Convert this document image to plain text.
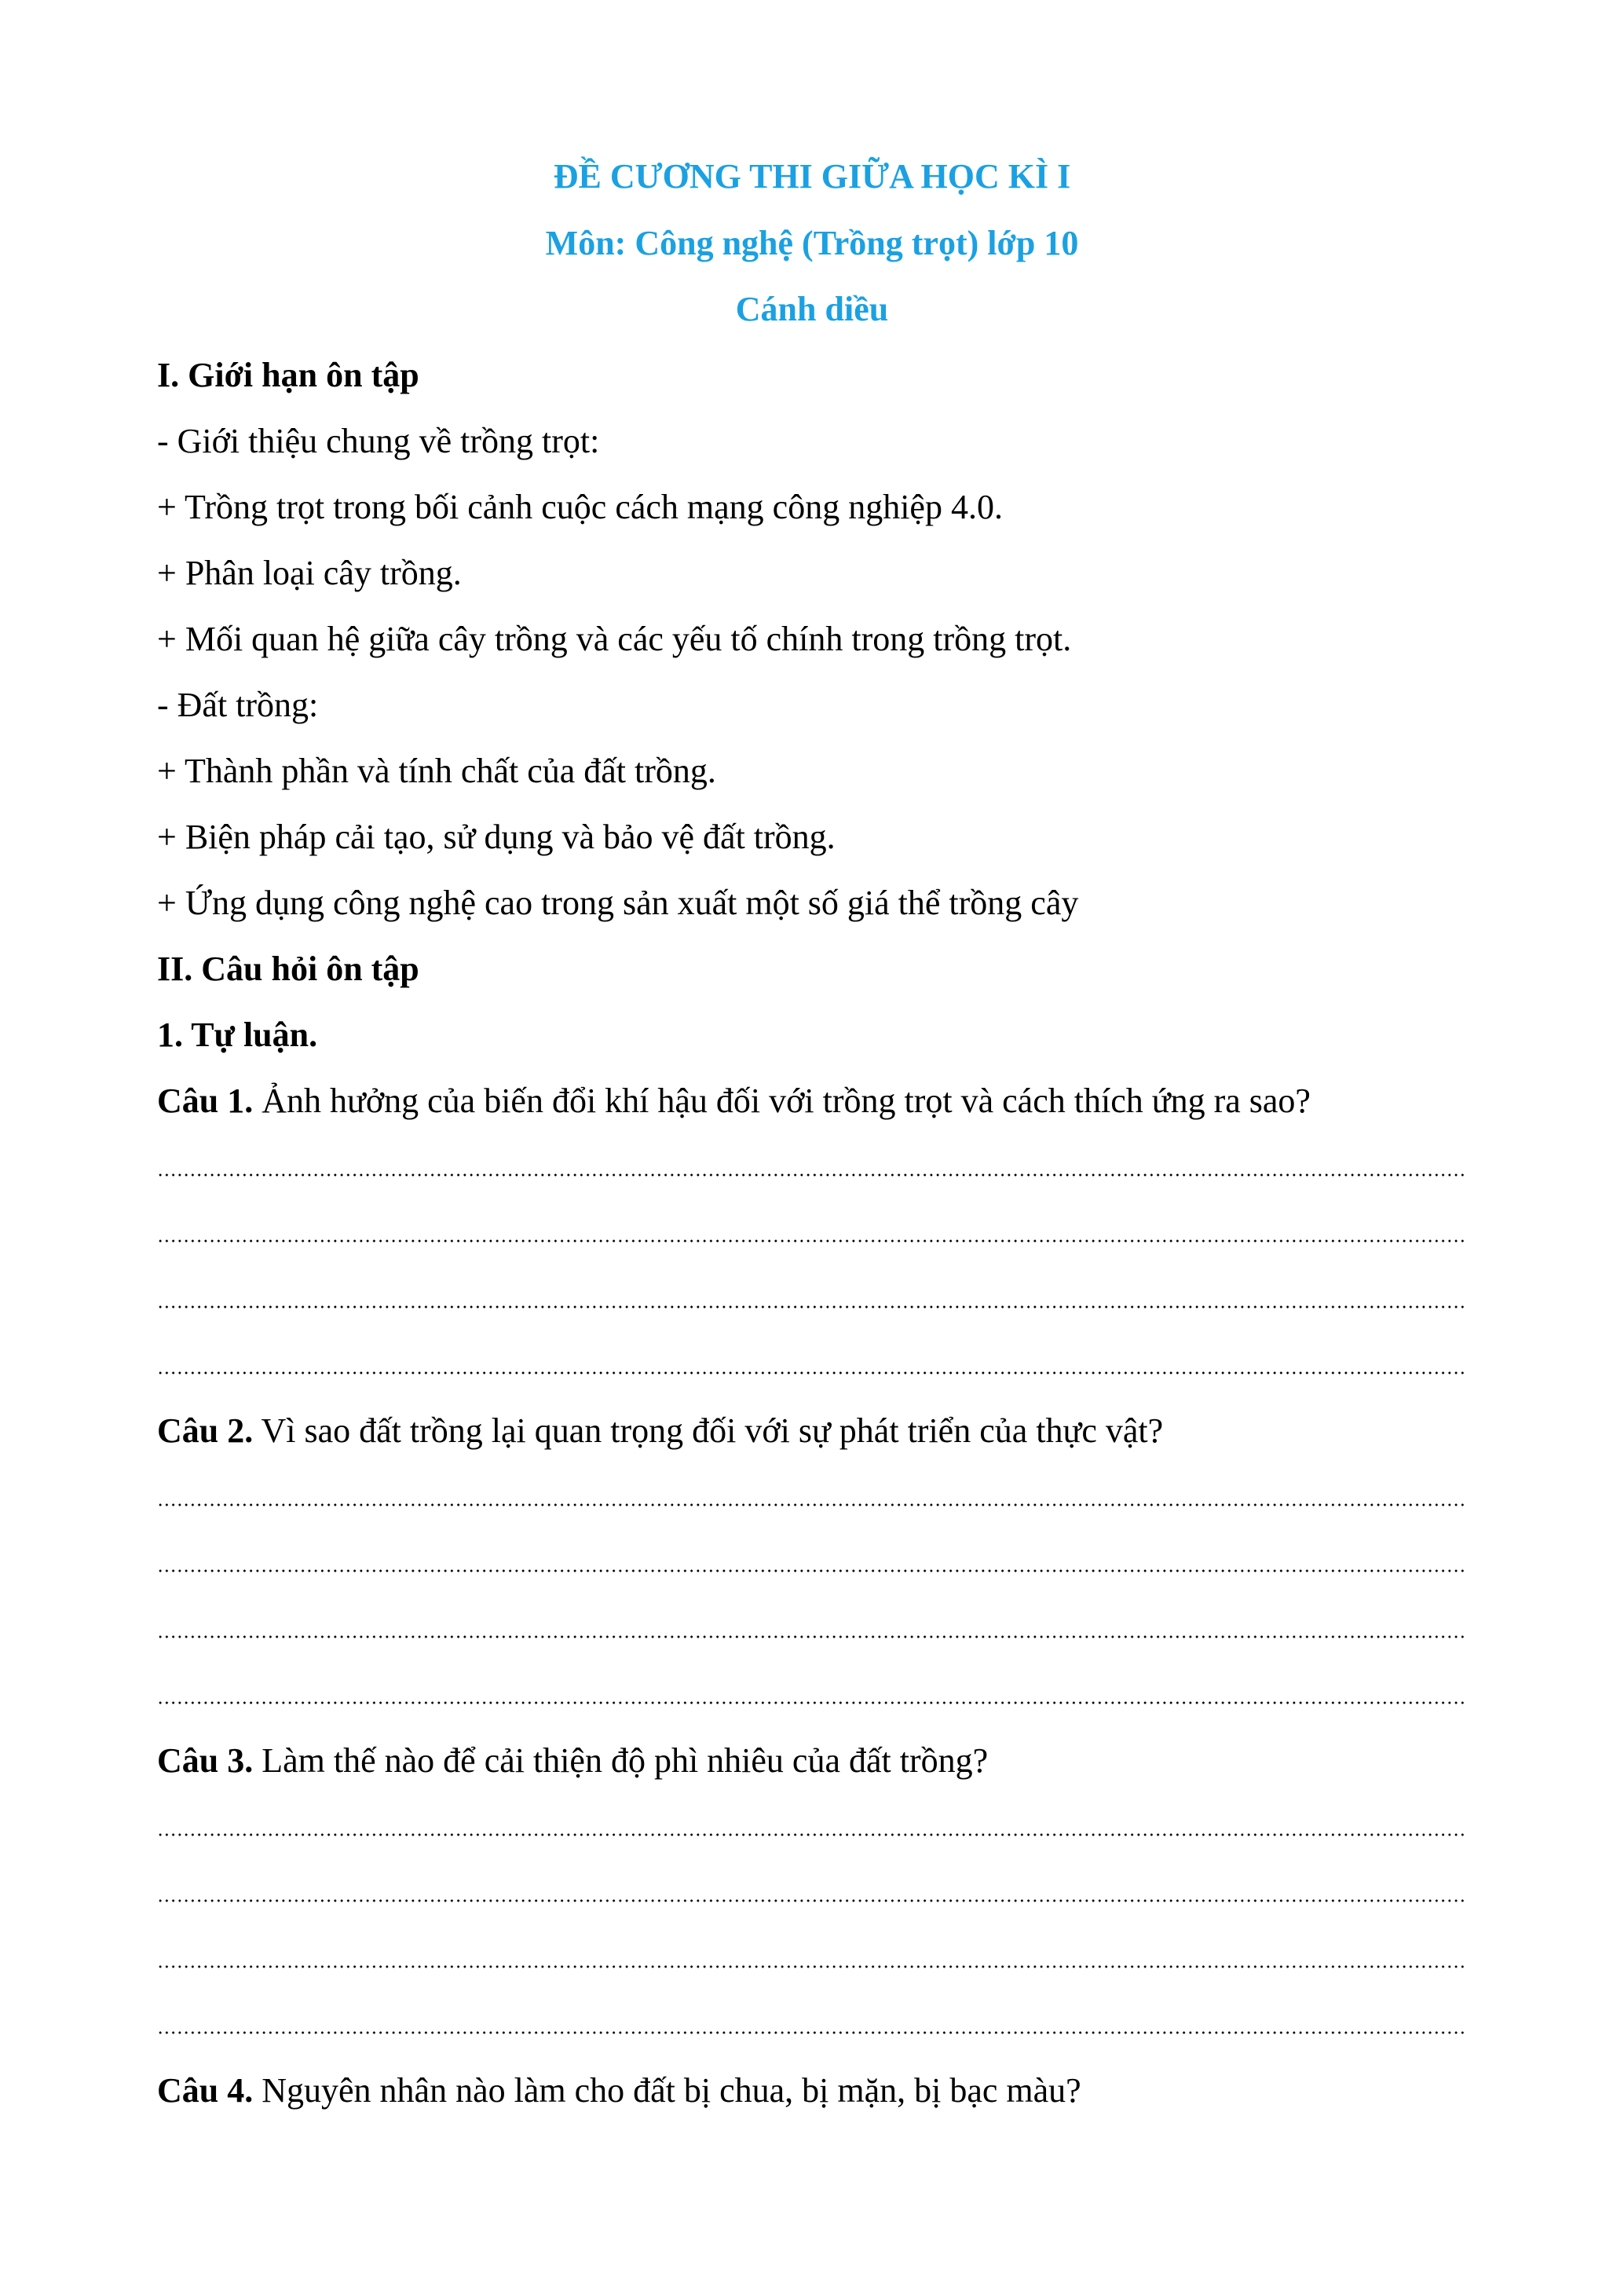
ĐỀ CƯƠNG THI GIỮA HỌC KÌ I
Môn: Công nghệ (Trồng trọt) lớp 10
Cánh diều
I. Giới hạn ôn tập
- Giới thiệu chung về trồng trọt:
+ Trồng trọt trong bối cảnh cuộc cách mạng công nghiệp 4.0.
+ Phân loại cây trồng.
+ Mối quan hệ giữa cây trồng và các yếu tố chính trong trồng trọt.
- Đất trồng:
+ Thành phần và tính chất của đất trồng.
+ Biện pháp cải tạo, sử dụng và bảo vệ đất trồng.
+ Ứng dụng công nghệ cao trong sản xuất một số giá thể trồng cây
II. Câu hỏi ôn tập
1. Tự luận.
Câu 1. Ảnh hưởng của biến đổi khí hậu đối với trồng trọt và cách thích ứng ra sao?
Câu 2. Vì sao đất trồng lại quan trọng đối với sự phát triển của thực vật?
Câu 3. Làm thế nào để cải thiện độ phì nhiêu của đất trồng?
Câu 4. Nguyên nhân nào làm cho đất bị chua, bị mặn, bị bạc màu?
